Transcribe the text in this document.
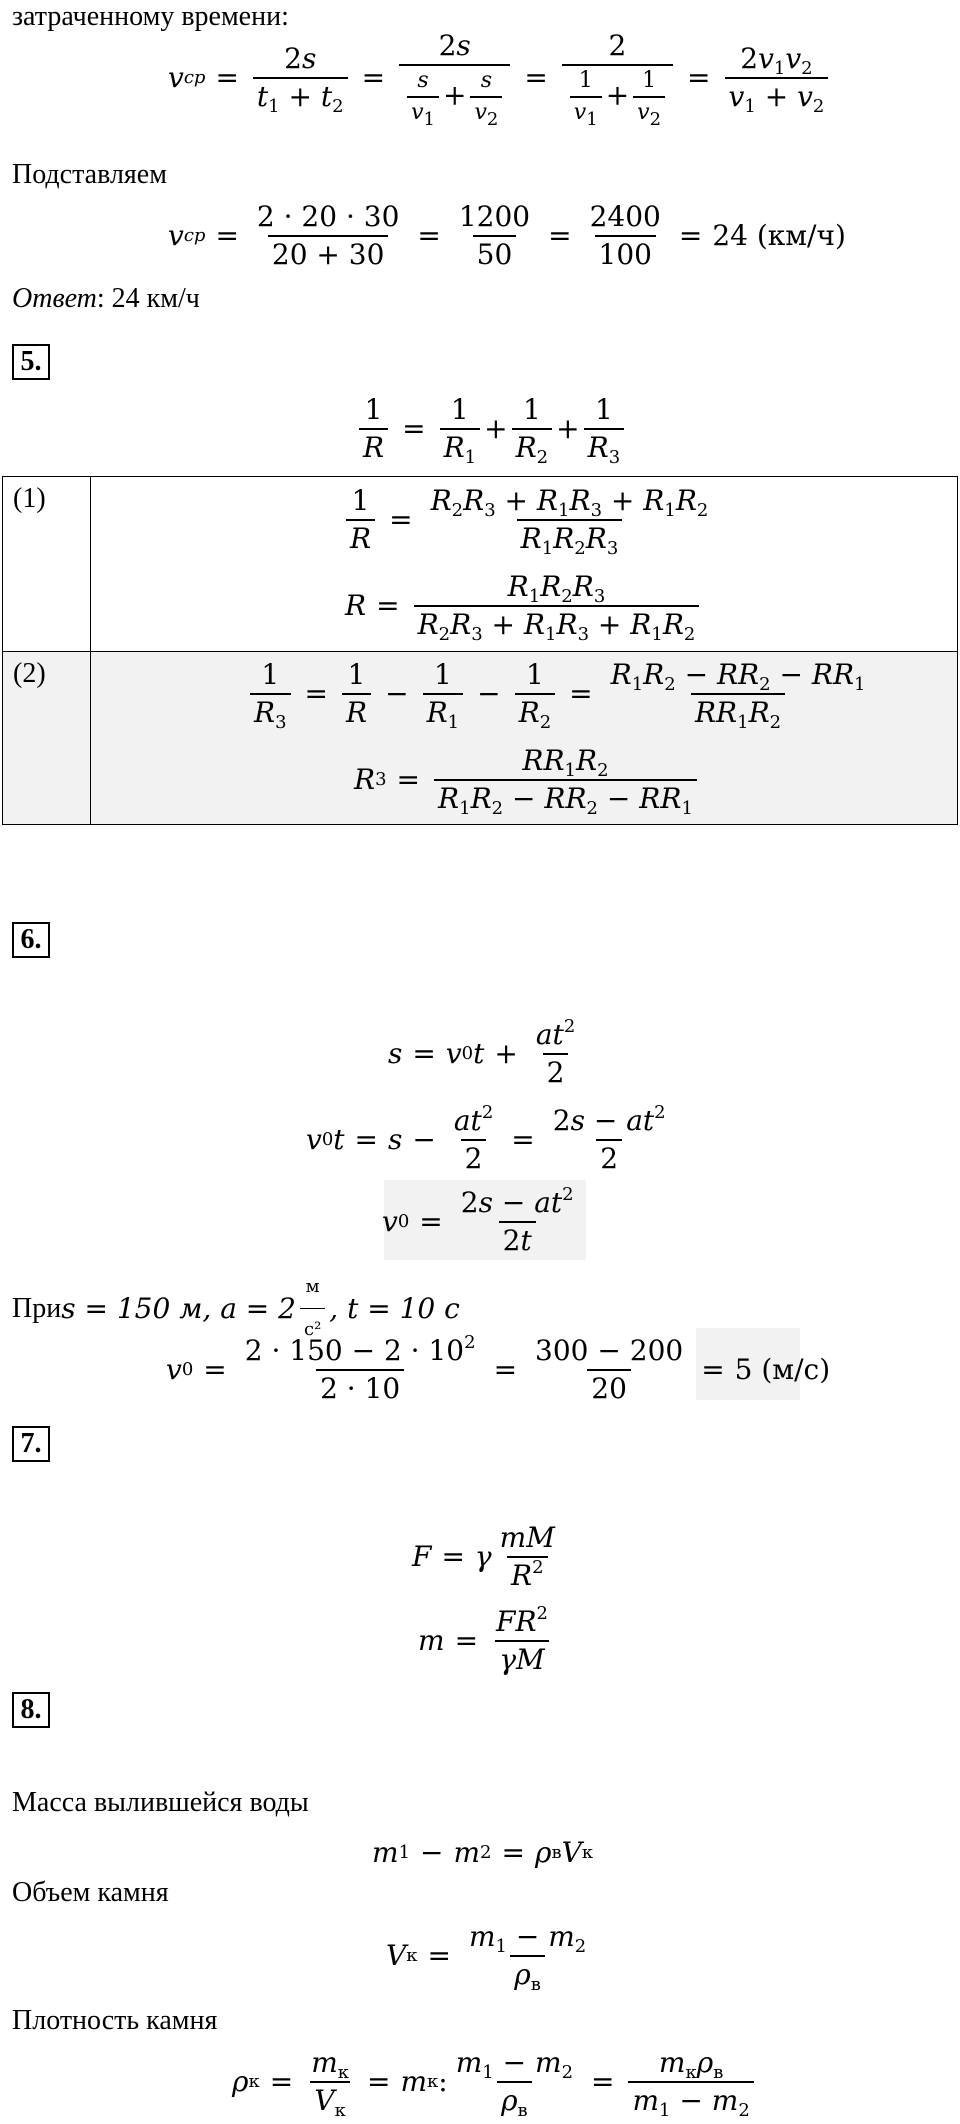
затраченному времени:
v cp = $\frac{2s}{t_1 + t_2} = \frac{2s}{\frac{s}{v_1} + \frac{s}{v_2}} = \frac{2}{\frac{1}{v_1} + \frac{1}{v_2}} = \frac{2v_1v_2}{v_1 + v_2}$
Подставляем
v cp = $\frac{2 \cdot 20 \cdot 30}{20 + 30} = \frac{1200}{50} = \frac{2400}{100} = 24$ (км/ч)
Ответ: 24 км/ч
5.
$\frac{1}{R} = \frac{1}{R_1} + \frac{1}{R_2} + \frac{1}{R_3}$
(1)
(2)
$\frac{1}{R} = \frac{R_2R_3 + R_1R_3 + R_1R_2}{R_1R_2R_3}$
$R = \frac{R_1R_2R_3}{R_2R_3 + R_1R_3 + R_1R_2}$
$\frac{1}{R_3} = \frac{1}{R} - \frac{1}{R_1} - \frac{1}{R_2} = \frac{R_1R_2 - RR_2 - RR_1}{RR_1R_2}$
R $3 = \frac{RR_1R_2}{R_1R_2 - RR_2 - RR_1}$
6.
s = v 0 $t + \frac{at^2}{2}$
v 0 $t = s - \frac{at^2}{2} = \frac{2s - at^2}{2}$
v $0 = \frac{2s - at^2}{2t}$
При s = 150 м, $a = 2 \frac{м}{\text{с²}}$ , t = 10 с
v $0 = \frac{2 \cdot 150 - 2 \cdot 10^2}{2 \cdot 10} = \frac{300 - 200}{20} = 5$ (м/с)
7.
F = γ $\frac{mM}{R^2}$
$m = \frac{FR^2}{\gamma M}$
8.
Масса вылившейся воды
m 1 − m 2 = ρ в V к
Объем камня
V $к = \frac{m_1 - m_2}{\rho_в}$
Плотность камня
ρ $к = \frac{m_к}{V_к} = m$ к : $\frac{m_1 - m_2}{\rho_в} = \frac{m_к\rho_в}{m_1 - m_2}$
